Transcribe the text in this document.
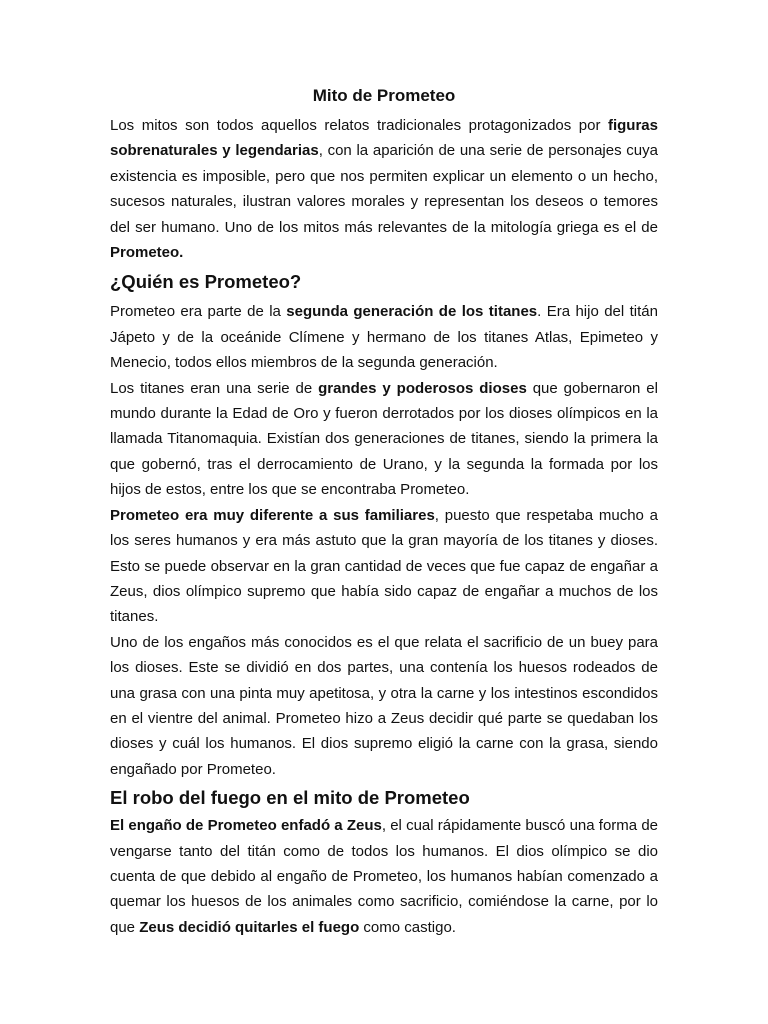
Mito de Prometeo

Los mitos son todos aquellos relatos tradicionales protagonizados por figuras sobrenaturales y legendarias, con la aparición de una serie de personajes cuya existencia es imposible, pero que nos permiten explicar un elemento o un hecho, sucesos naturales, ilustran valores morales y representan los deseos o temores del ser humano. Uno de los mitos más relevantes de la mitología griega es el de Prometeo.

¿Quién es Prometeo?

Prometeo era parte de la segunda generación de los titanes. Era hijo del titán Jápeto y de la oceánide Clímene y hermano de los titanes Atlas, Epimeteo y Menecio, todos ellos miembros de la segunda generación.

Los titanes eran una serie de grandes y poderosos dioses que gobernaron el mundo durante la Edad de Oro y fueron derrotados por los dioses olímpicos en la llamada Titanomaquia. Existían dos generaciones de titanes, siendo la primera la que gobernó, tras el derrocamiento de Urano, y la segunda la formada por los hijos de estos, entre los que se encontraba Prometeo.

Prometeo era muy diferente a sus familiares, puesto que respetaba mucho a los seres humanos y era más astuto que la gran mayoría de los titanes y dioses. Esto se puede observar en la gran cantidad de veces que fue capaz de engañar a Zeus, dios olímpico supremo que había sido capaz de engañar a muchos de los titanes.

Uno de los engaños más conocidos es el que relata el sacrificio de un buey para los dioses. Este se dividió en dos partes, una contenía los huesos rodeados de una grasa con una pinta muy apetitosa, y otra la carne y los intestinos escondidos en el vientre del animal. Prometeo hizo a Zeus decidir qué parte se quedaban los dioses y cuál los humanos. El dios supremo eligió la carne con la grasa, siendo engañado por Prometeo.

El robo del fuego en el mito de Prometeo

El engaño de Prometeo enfadó a Zeus, el cual rápidamente buscó una forma de vengarse tanto del titán como de todos los humanos. El dios olímpico se dio cuenta de que debido al engaño de Prometeo, los humanos habían comenzado a quemar los huesos de los animales como sacrificio, comiéndose la carne, por lo que Zeus decidió quitarles el fuego como castigo.
